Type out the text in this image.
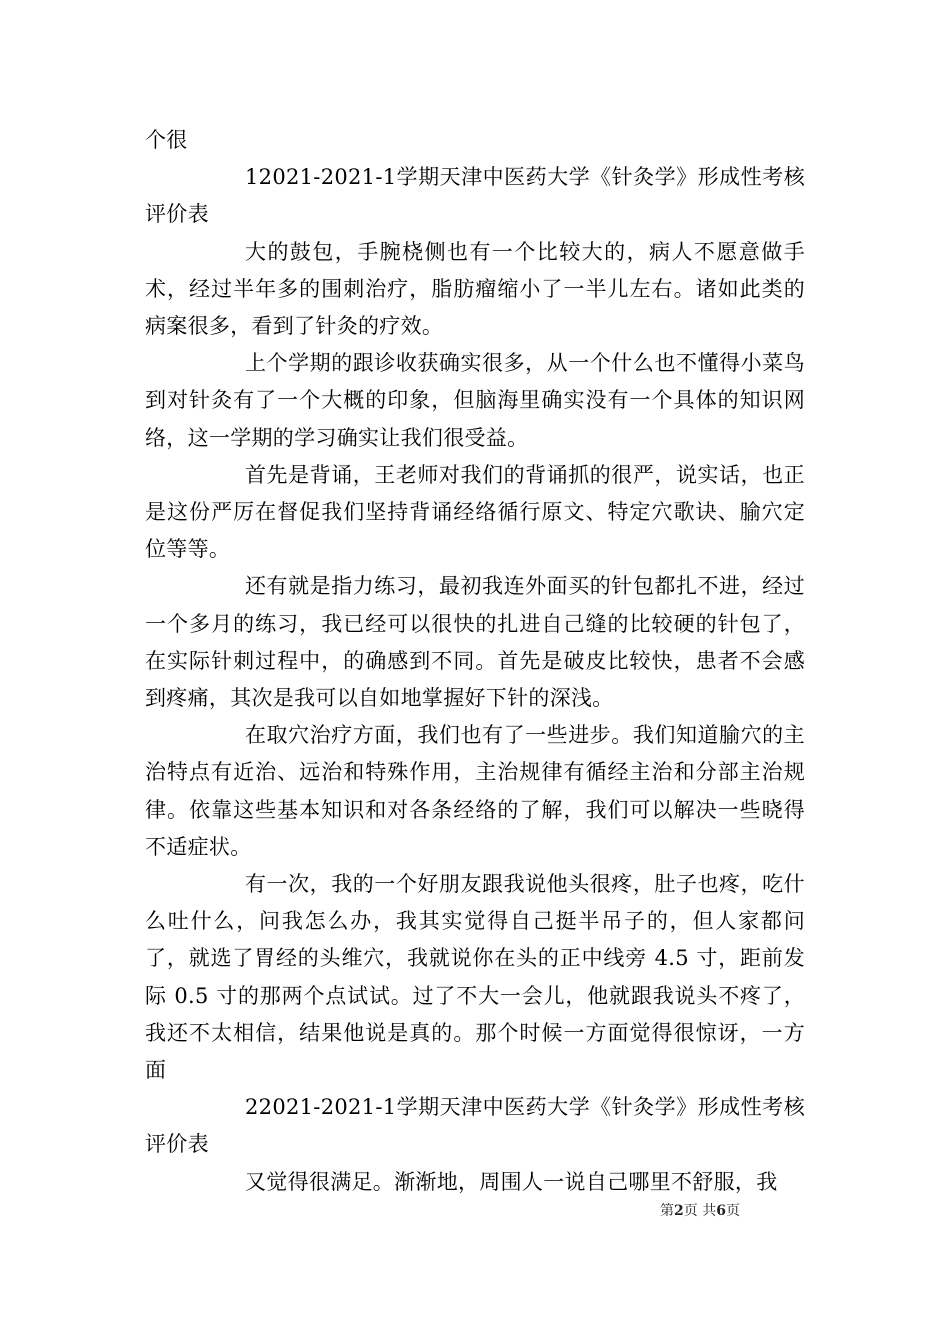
个很

12021-2021-1学期天津中医药大学《针灸学》形成性考核评价表

大的鼓包，手腕桡侧也有一个比较大的，病人不愿意做手术，经过半年多的围刺治疗，脂肪瘤缩小了一半儿左右。诸如此类的病案很多，看到了针灸的疗效。

上个学期的跟诊收获确实很多，从一个什么也不懂得小菜鸟到对针灸有了一个大概的印象，但脑海里确实没有一个具体的知识网络，这一学期的学习确实让我们很受益。

首先是背诵，王老师对我们的背诵抓的很严，说实话，也正是这份严厉在督促我们坚持背诵经络循行原文、特定穴歌诀、腧穴定位等等。

还有就是指力练习，最初我连外面买的针包都扎不进，经过一个多月的练习，我已经可以很快的扎进自己缝的比较硬的针包了，在实际针刺过程中，的确感到不同。首先是破皮比较快，患者不会感到疼痛，其次是我可以自如地掌握好下针的深浅。

在取穴治疗方面，我们也有了一些进步。我们知道腧穴的主治特点有近治、远治和特殊作用，主治规律有循经主治和分部主治规律。依靠这些基本知识和对各条经络的了解，我们可以解决一些晓得不适症状。

有一次，我的一个好朋友跟我说他头很疼，肚子也疼，吃什么吐什么，问我怎么办，我其实觉得自己挺半吊子的，但人家都问了，就选了胃经的头维穴，我就说你在头的正中线旁 4.5 寸，距前发际 0.5 寸的那两个点试试。过了不大一会儿，他就跟我说头不疼了，我还不太相信，结果他说是真的。那个时候一方面觉得很惊讶，一方面

22021-2021-1学期天津中医药大学《针灸学》形成性考核评价表

又觉得很满足。渐渐地，周围人一说自己哪里不舒服，我

第2页 共6页
